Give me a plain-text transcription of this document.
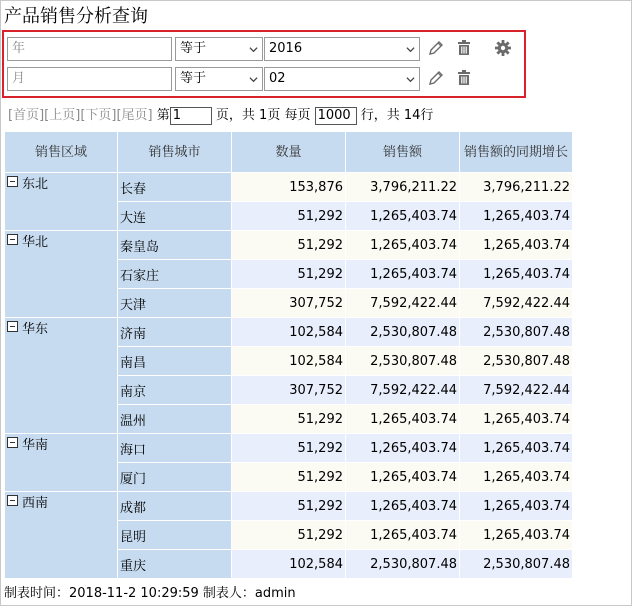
产品销售分析查询
年	等于	2016
月	等于	02
[首页][上页][下页][尾页] 第 1	页，共 1页 每页 1000 行，共 14行
销售区域	销售城市	数量	销售额	销售额的同期增长
东北	长春	153,876	3,796,211.22	3,796,211.22
	大连	51,292	1,265,403.74	1,265,403.74
华北	秦皇岛	51,292	1,265,403.74	1,265,403.74
	石家庄	51,292	1,265,403.74	1,265,403.74
	天津	307,752	7,592,422.44	7,592,422.44
华东	济南	102,584	2,530,807.48	2,530,807.48
	南昌	102,584	2,530,807.48	2,530,807.48
	南京	307,752	7,592,422.44	7,592,422.44
	温州	51,292	1,265,403.74	1,265,403.74
华南	海口	51,292	1,265,403.74	1,265,403.74
	厦门	51,292	1,265,403.74	1,265,403.74
西南	成都	51,292	1,265,403.74	1,265,403.74
	昆明	51,292	1,265,403.74	1,265,403.74
	重庆	102,584	2,530,807.48	2,530,807.48
制表时间：2018-11-2 10:29:59 制表人：admin
